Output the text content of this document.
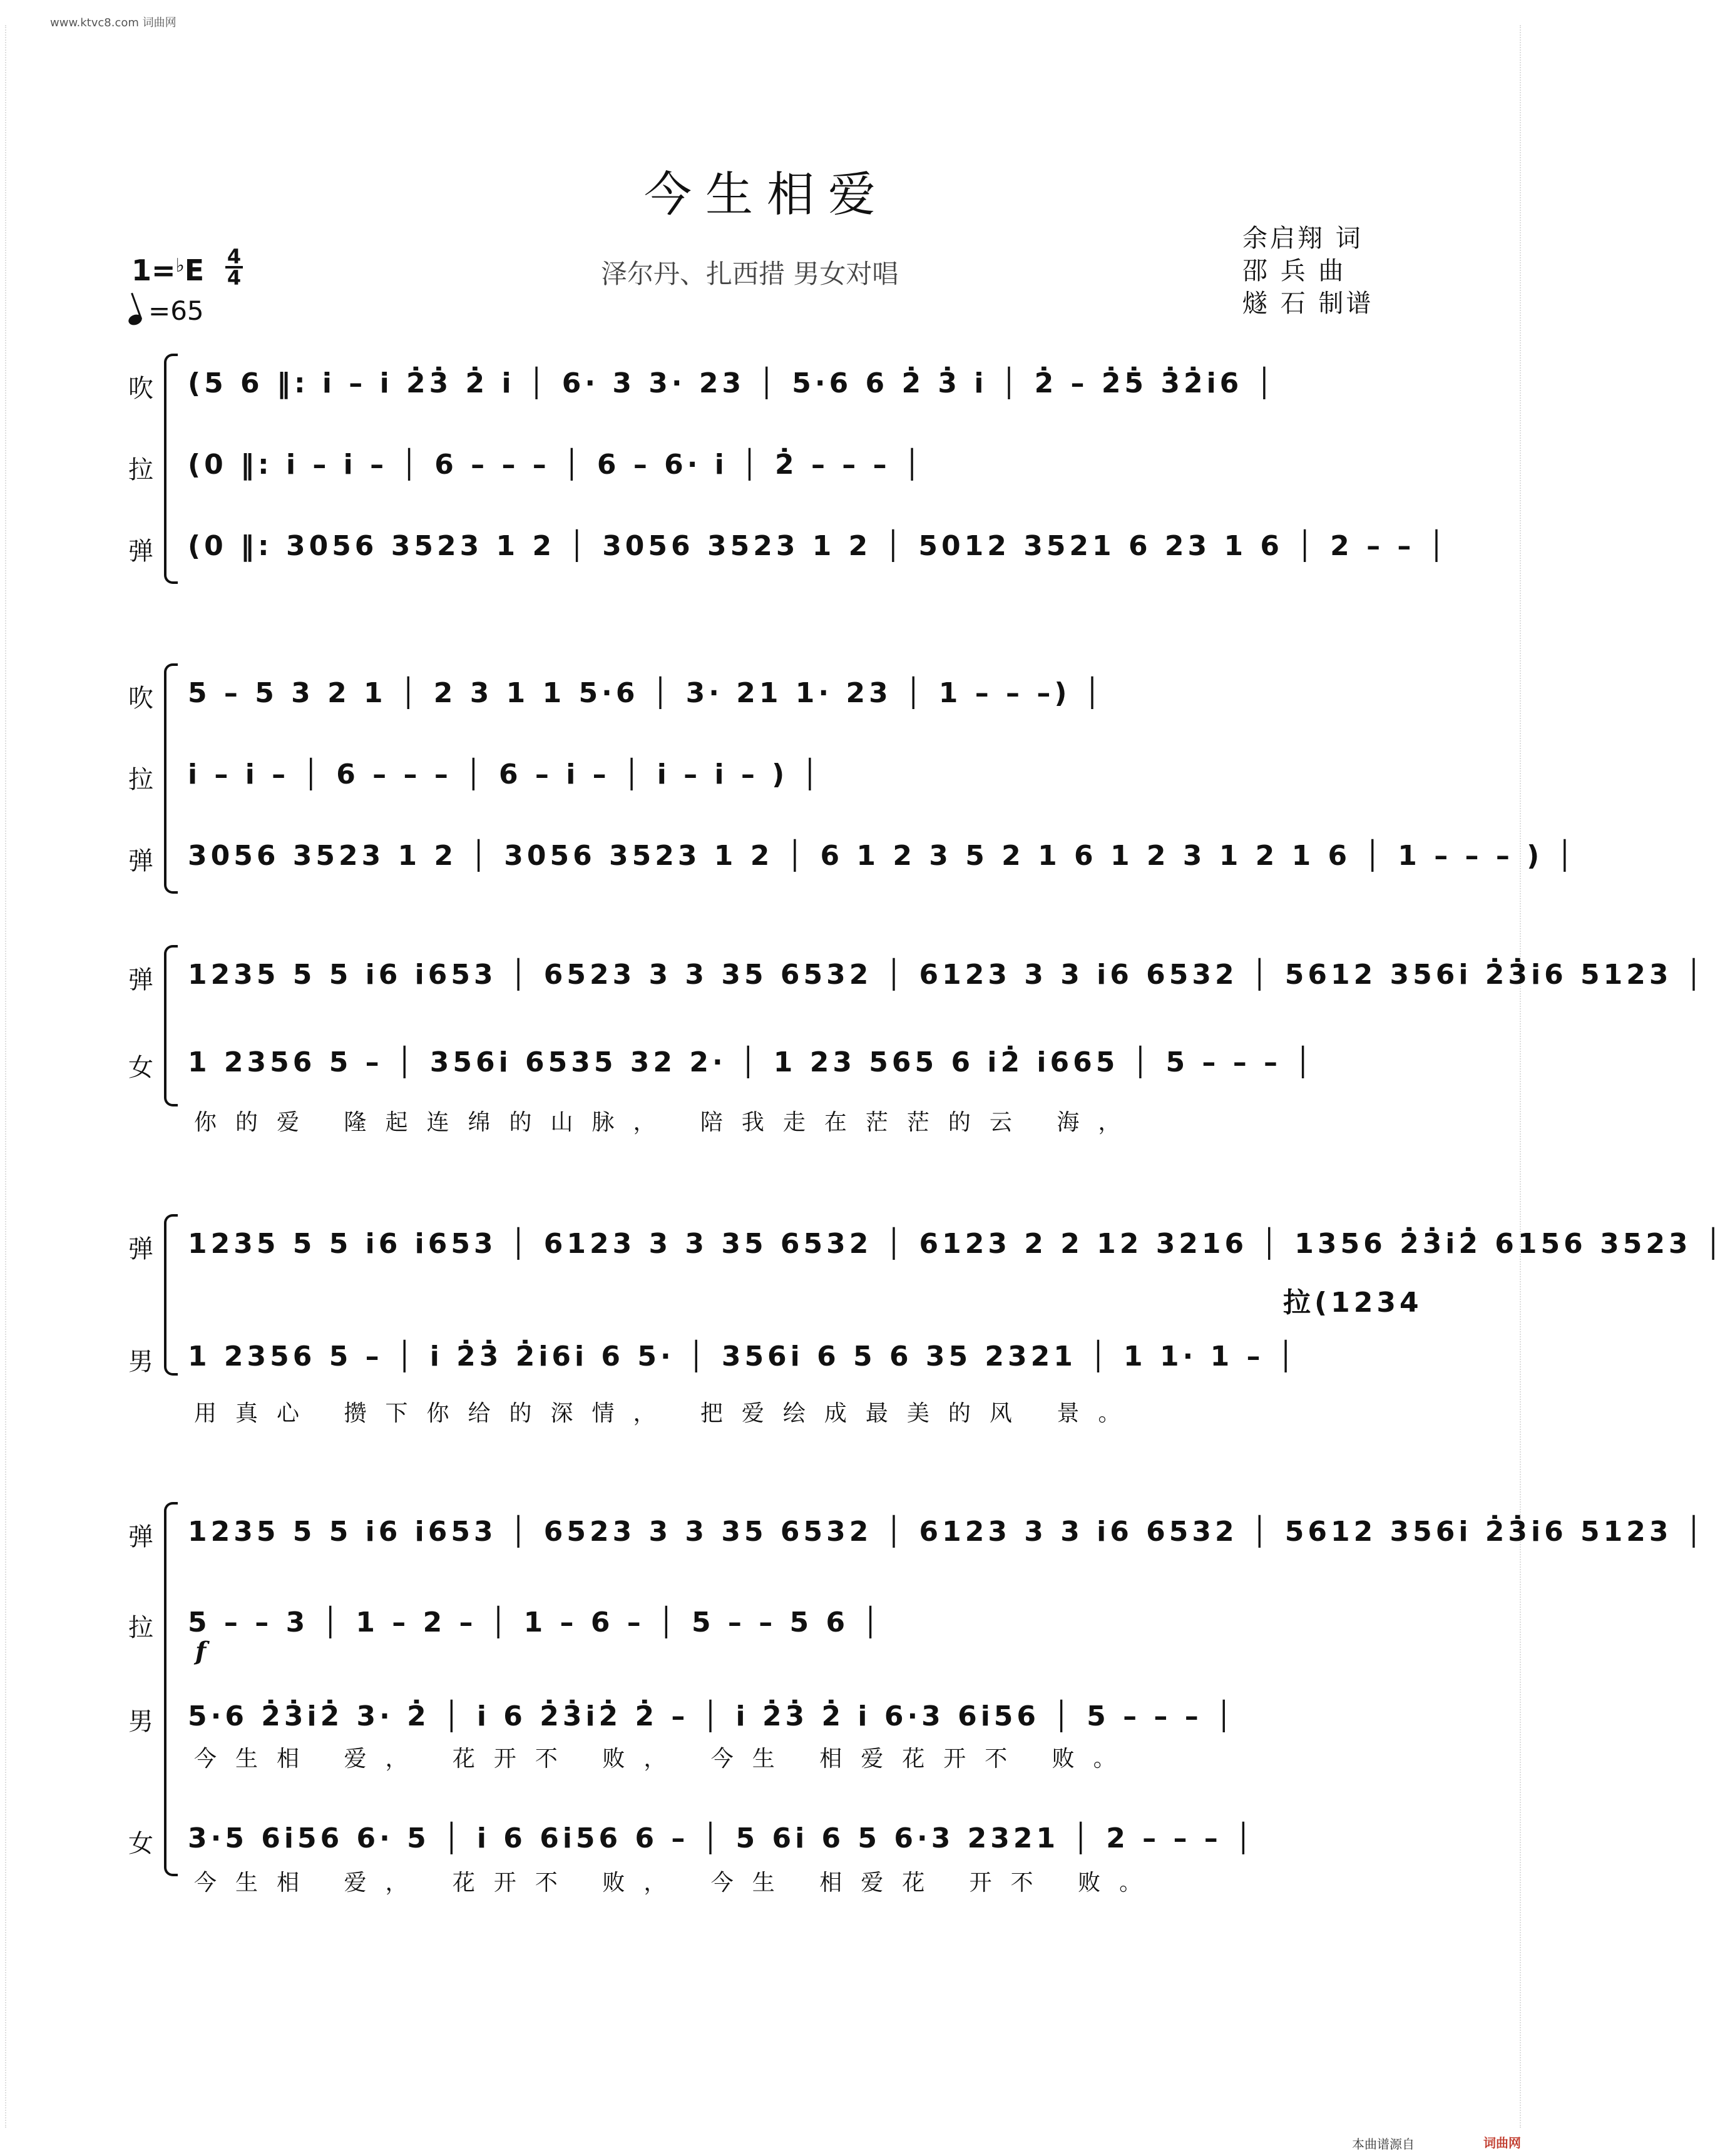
www.ktvc8.com 词曲网
今生相爱
泽尔丹、扎西措 男女对唱
余启翔 词
邵 兵 曲
燧 石 制谱
1=♭E 4
4
=65
吹 (5 6 ‖: i – i 2̇3̇ 2̇ i │ 6· 3 3· 23 │ 5·6 6 2̇ 3̇ i │ 2̇ – 2̇5̇ 3̇2̇i6 │
拉 (0 ‖: i – i – │ 6 – – – │ 6 – 6· i │ 2̇ – – – │
弹 (0 ‖: 3056 3523 1 2 │ 3056 3523 1 2 │ 5012 3521 6 23 1 6 │ 2 – – │
吹 5 – 5 3 2 1 │ 2 3 1 1 5·6 │ 3· 21 1· 23 │ 1 – – –) │
拉 i – i – │ 6 – – – │ 6 – i – │ i – i – ) │
弹 3056 3523 1 2 │ 3056 3523 1 2 │ 6 1 2 3 5 2 1 6 1 2 3 1 2 1 6 │ 1 – – – ) │
弹 1235 5 5 i6 i653 │ 6523 3 3 35 6532 │ 6123 3 3 i6 6532 │ 5612 356i 2̇3̇i6 5123 │
女 1 2356 5 – │ 356i 6535 32 2· │ 1 23 565 6 i2̇ i665 │ 5 – – – │
你的爱 隆起连绵的山脉， 陪我走在茫茫的云 海，
弹 1235 5 5 i6 i653 │ 6123 3 3 35 6532 │ 6123 2 2 12 3216 │ 1356 2̇3̇i2̇ 6156 3523 │
拉(1234
男 1 2356 5 – │ i 2̇3̇ 2̇i6i 6 5· │ 356i 6 5 6 35 2321 │ 1 1· 1 – │
用真心 攒下你给的深情， 把爱绘成最美的风 景。
弹 1235 5 5 i6 i653 │ 6523 3 3 35 6532 │ 6123 3 3 i6 6532 │ 5612 356i 2̇3̇i6 5123 │
拉 5 – – 3 │ 1 – 2 – │ 1 – 6 – │ 5 – – 5 6 │
f
男 5·6 2̇3̇i2̇ 3· 2̇ │ i 6 2̇3̇i2̇ 2̇ – │ i 2̇3̇ 2̇ i 6·3 6i56 │ 5 – – – │
今生相 爱， 花开不 败， 今生 相爱花开不 败。
女 3·5 6i56 6· 5 │ i 6 6i56 6 – │ 5 6i 6 5 6·3 2321 │ 2 – – – │
今生相 爱， 花开不 败， 今生 相爱花 开不 败。
本曲谱源自	词曲网
